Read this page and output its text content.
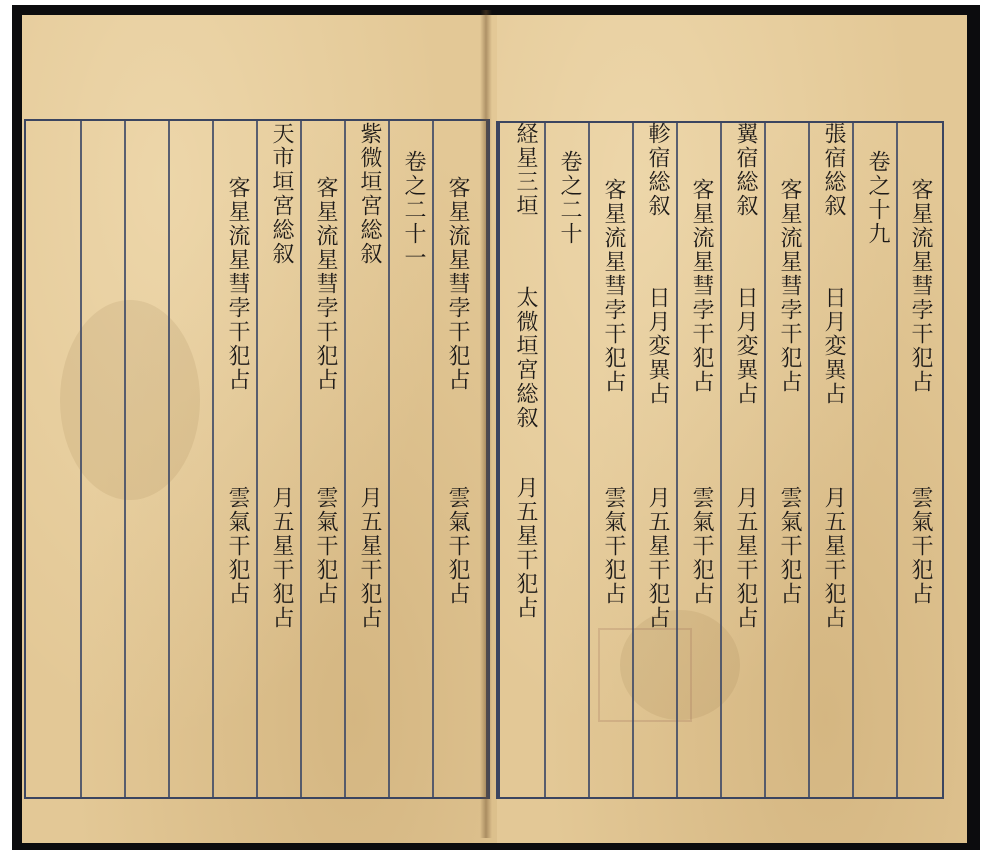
客星流星彗孛干犯占
雲氣干犯占
卷之十九
張宿総叙
日月変異占
月五星干犯占
客星流星彗孛干犯占
雲氣干犯占
翼宿総叙
日月変異占
月五星干犯占
客星流星彗孛干犯占
雲氣干犯占
軫宿総叙
日月変異占
月五星干犯占
客星流星彗孛干犯占
雲氣干犯占
卷之二十
経星三垣
太微垣宮総叙
月五星干犯占
客星流星彗孛干犯占
雲氣干犯占
卷之二十一
紫微垣宮総叙
月五星干犯占
客星流星彗孛干犯占
雲氣干犯占
天市垣宮総叙
月五星干犯占
客星流星彗孛干犯占
雲氣干犯占
